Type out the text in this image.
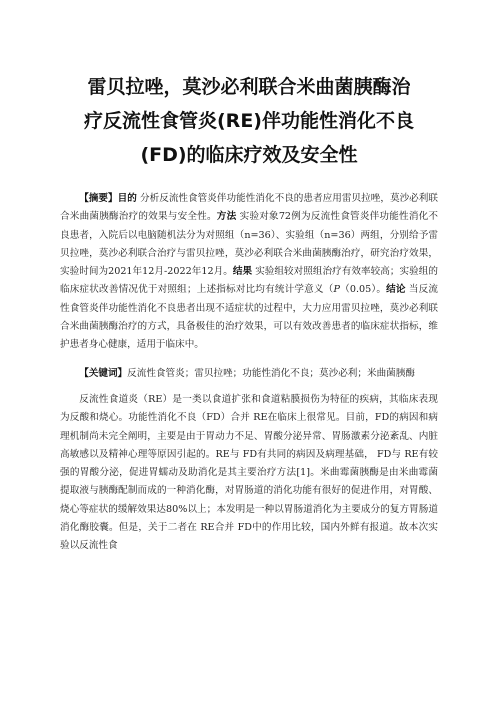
雷贝拉唑，莫沙必利联合米曲菌胰酶治
疗反流性食管炎(RE)伴功能性消化不良
(FD)的临床疗效及安全性

【摘要】目的 分析反流性食管炎伴功能性消化不良的患者应用雷贝拉唑，莫沙必利联合米曲菌胰酶治疗的效果与安全性。方法 实验对象72例为反流性食管炎伴功能性消化不良患者，入院后以电脑随机法分为对照组（n=36）、实验组（n=36）两组，分别给予雷贝拉唑，莫沙必利联合治疗与雷贝拉唑，莫沙必利联合米曲菌胰酶治疗，研究治疗效果，实验时间为2021年12月-2022年12月。结果 实验组较对照组治疗有效率较高；实验组的临床症状改善情况优于对照组；上述指标对比均有统计学意义（P（0.05）。结论 当反流性食管炎伴功能性消化不良患者出现不适症状的过程中，大力应用雷贝拉唑，莫沙必利联合米曲菌胰酶治疗的方式，具备极佳的治疗效果，可以有效改善患者的临床症状指标，维护患者身心健康，适用于临床中。

【关键词】反流性食管炎；雷贝拉唑；功能性消化不良；莫沙必利；米曲菌胰酶

反流性食道炎（RE）是一类以食道扩张和食道粘膜损伤为特征的疾病，其临床表现为反酸和烧心。功能性消化不良（FD）合并 RE在临床上很常见。目前，FD的病因和病理机制尚未完全阐明，主要是由于胃动力不足、胃酸分泌异常、胃肠激素分泌紊乱、内脏高敏感以及精神心理等原因引起的。RE与 FD有共同的病因及病理基础， FD与 RE有较强的胃酸分泌，促进胃蠕动及助消化是其主要治疗方法[1]。米曲霉菌胰酶是由米曲霉菌提取液与胰酶配制而成的一种消化酶，对胃肠道的消化功能有很好的促进作用，对胃酸、烧心等症状的缓解效果达80%以上；本发明是一种以胃肠道消化为主要成分的复方胃肠道消化酶胶囊。但是，关于二者在 RE合并 FD中的作用比较，国内外鲜有报道。故本次实验以反流性食
